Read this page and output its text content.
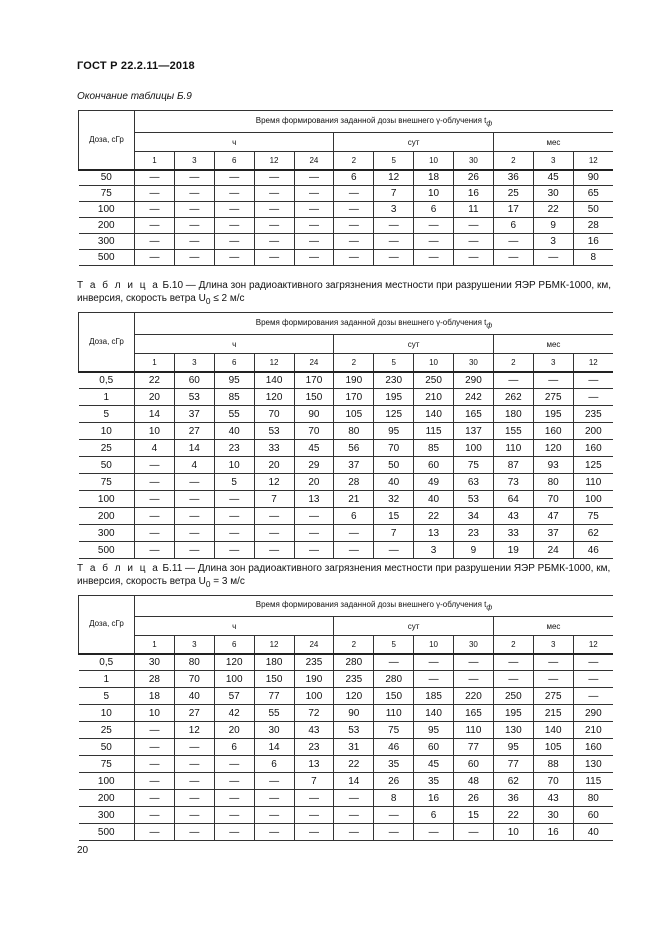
ГОСТ Р 22.2.11—2018
Окончание таблицы Б.9
Доза, сГр	Время формирования заданной дозы внешнего γ-облучения $t_ф$
	ч					сут				мес		
	1	3	6	12	24	2	5	10	30	2	3	12
50	—	—	—	—	—	6	12	18	26	36	45	90
75	—	—	—	—	—	—	7	10	16	25	30	65
100	—	—	—	—	—	—	3	6	11	17	22	50
200	—	—	—	—	—	—	—	—	—	6	9	28
300	—	—	—	—	—	—	—	—	—	—	3	16
500	—	—	—	—	—	—	—	—	—	—	—	8
Т а б л и ц а Б.10 — Длина зон радиоактивного загрязнения местности при разрушении ЯЭР РБМК-1000, км, инверсия, скорость ветра $U_0 \le 2$ м/с
Доза, сГр	Время формирования заданной дозы внешнего γ-облучения $t_ф$
	ч					сут				мес		
	1	3	6	12	24	2	5	10	30	2	3	12
0,5	22	60	95	140	170	190	230	250	290	—	—	—
1	20	53	85	120	150	170	195	210	242	262	275	—
5	14	37	55	70	90	105	125	140	165	180	195	235
10	10	27	40	53	70	80	95	115	137	155	160	200
25	4	14	23	33	45	56	70	85	100	110	120	160
50	—	4	10	20	29	37	50	60	75	87	93	125
75	—	—	5	12	20	28	40	49	63	73	80	110
100	—	—	—	7	13	21	32	40	53	64	70	100
200	—	—	—	—	—	6	15	22	34	43	47	75
300	—	—	—	—	—	—	7	13	23	33	37	62
500	—	—	—	—	—	—	—	3	9	19	24	46
Т а б л и ц а Б.11 — Длина зон радиоактивного загрязнения местности при разрушении ЯЭР РБМК-1000, км, инверсия, скорость ветра $U_0 = 3$ м/с
Доза, сГр	Время формирования заданной дозы внешнего γ-облучения $t_ф$
	ч					сут				мес		
	1	3	6	12	24	2	5	10	30	2	3	12
0,5	30	80	120	180	235	280	—	—	—	—	—	—
1	28	70	100	150	190	235	280	—	—	—	—	—
5	18	40	57	77	100	120	150	185	220	250	275	—
10	10	27	42	55	72	90	110	140	165	195	215	290
25	—	12	20	30	43	53	75	95	110	130	140	210
50	—	—	6	14	23	31	46	60	77	95	105	160
75	—	—	—	6	13	22	35	45	60	77	88	130
100	—	—	—	—	7	14	26	35	48	62	70	115
200	—	—	—	—	—	—	8	16	26	36	43	80
300	—	—	—	—	—	—	—	6	15	22	30	60
500	—	—	—	—	—	—	—	—	—	10	16	40
20
